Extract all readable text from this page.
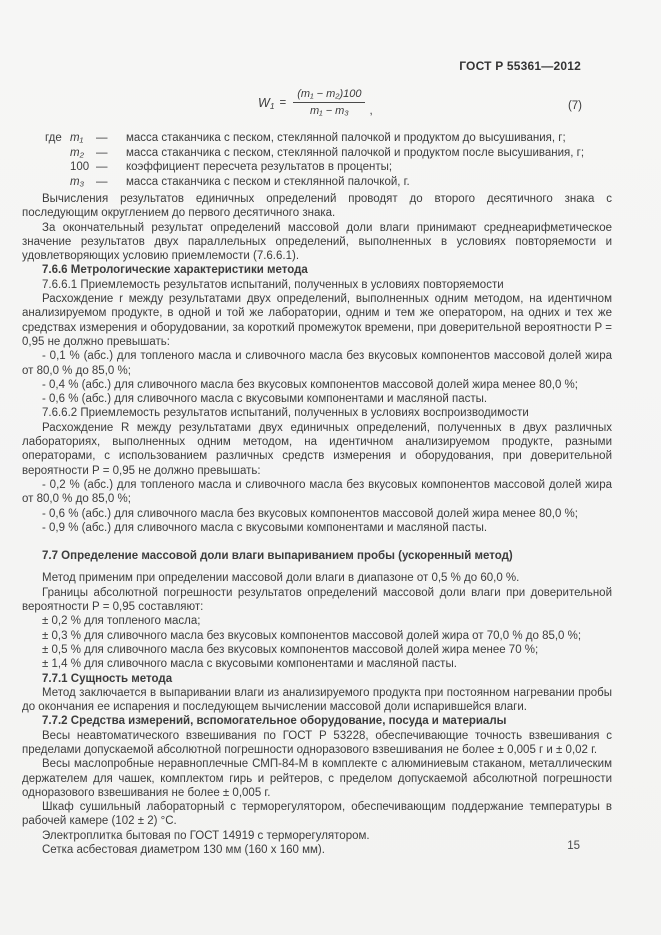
ГОСТ Р 55361—2012
W $1 = \frac{\text{(m₁ − m₂)100}}{\text{m₁ − m₃}}$ ,	(7)
где m₁	—	масса стаканчика с песком, стеклянной палочкой и продуктом до высушивания, г;
m₂	—	масса стаканчика с песком, стеклянной палочкой и продуктом после высушивания, г;
100 —	коэффициент пересчета результатов в проценты;
m₃	—	масса стаканчика с песком и стеклянной палочкой, г.

Вычисления результатов единичных определений проводят до второго десятичного знака с последующим округлением до первого десятичного знака.

За окончательный результат определений массовой доли влаги принимают среднеарифметическое значение результатов двух параллельных определений, выполненных в условиях повторяемости и удовлетворяющих условию приемлемости (7.6.6.1).

7.6.6 Метрологические характеристики метода

7.6.6.1 Приемлемость результатов испытаний, полученных в условиях повторяемости

Расхождение r между результатами двух определений, выполненных одним методом, на идентичном анализируемом продукте, в одной и той же лаборатории, одним и тем же оператором, на одних и тех же средствах измерения и оборудовании, за короткий промежуток времени, при доверительной вероятности P = 0,95 не должно превышать:

- 0,1 % (абс.) для топленого масла и сливочного масла без вкусовых компонентов массовой долей жира от 80,0 % до 85,0 %;

- 0,4 % (абс.) для сливочного масла без вкусовых компонентов массовой долей жира менее 80,0 %;

- 0,6 % (абс.) для сливочного масла с вкусовыми компонентами и масляной пасты.

7.6.6.2 Приемлемость результатов испытаний, полученных в условиях воспроизводимости

Расхождение R между результатами двух единичных определений, полученных в двух различных лабораториях, выполненных одним методом, на идентичном анализируемом продукте, разными операторами, с использованием различных средств измерения и оборудования, при доверительной вероятности P = 0,95 не должно превышать:

- 0,2 % (абс.) для топленого масла и сливочного масла без вкусовых компонентов массовой долей жира от 80,0 % до 85,0 %;

- 0,6 % (абс.) для сливочного масла без вкусовых компонентов массовой долей жира менее 80,0 %;

- 0,9 % (абс.) для сливочного масла с вкусовыми компонентами и масляной пасты.

7.7 Определение массовой доли влаги выпариванием пробы (ускоренный метод)

Метод применим при определении массовой доли влаги в диапазоне от 0,5 % до 60,0 %.

Границы абсолютной погрешности результатов определений массовой доли влаги при доверительной вероятности P = 0,95 составляют:

± 0,2 % для топленого масла;

± 0,3 % для сливочного масла без вкусовых компонентов массовой долей жира от 70,0 % до 85,0 %;

± 0,5 % для сливочного масла без вкусовых компонентов массовой долей жира менее 70 %;

± 1,4 % для сливочного масла с вкусовыми компонентами и масляной пасты.

7.7.1 Сущность метода

Метод заключается в выпаривании влаги из анализируемого продукта при постоянном нагревании пробы до окончания ее испарения и последующем вычислении массовой доли испарившейся влаги.

7.7.2 Средства измерений, вспомогательное оборудование, посуда и материалы

Весы неавтоматического взвешивания по ГОСТ Р 53228, обеспечивающие точность взвешивания с пределами допускаемой абсолютной погрешности одноразового взвешивания не более ± 0,005 г и ± 0,02 г.

Весы маслопробные неравноплечные СМП-84-М в комплекте с алюминиевым стаканом, металлическим держателем для чашек, комплектом гирь и рейтеров, с пределом допускаемой абсолютной погрешности одноразового взвешивания не более ± 0,005 г.

Шкаф сушильный лабораторный с терморегулятором, обеспечивающим поддержание температуры в рабочей камере (102 ± 2) °С.

Электроплитка бытовая по ГОСТ 14919 с терморегулятором.

Сетка асбестовая диаметром 130 мм (160 х 160 мм).	15
